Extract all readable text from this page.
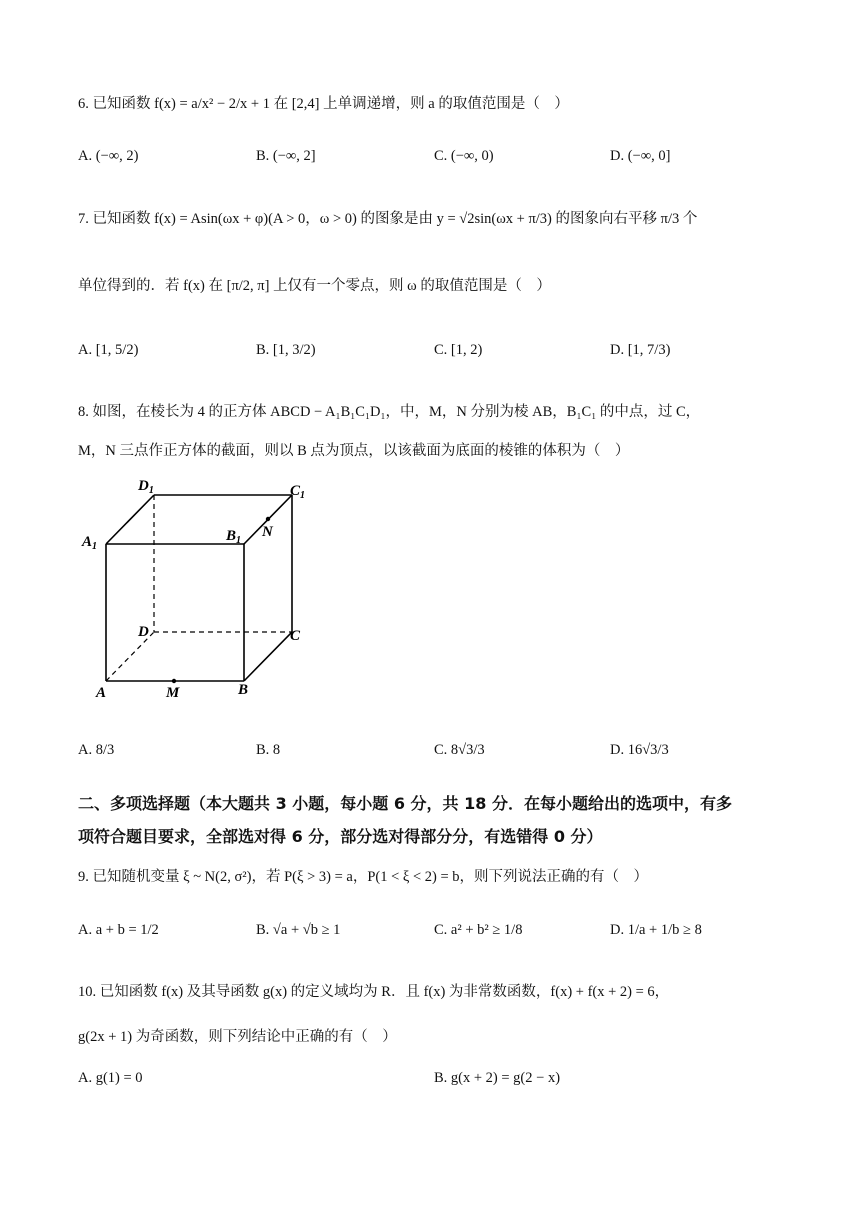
6. 已知函数 f(x) = a/x² − 2/x + 1 在 [2,4] 上单调递增，则 a 的取值范围是（　）
A. (−∞, 2)	B. (−∞, 2]	C. (−∞, 0)	D. (−∞, 0]
7. 已知函数 f(x) = Asin(ωx + φ)(A > 0，ω > 0) 的图象是由 y = √2sin(ωx + π/3) 的图象向右平移 π/3 个
单位得到的．若 f(x) 在 [π/2, π] 上仅有一个零点，则 ω 的取值范围是（　）
A. [1, 5/2)	B. [1, 3/2)	C. [1, 2)	D. [1, 7/3)
8. 如图，在棱长为 4 的正方体 ABCD − A₁B₁C₁D₁，中，M，N 分别为棱 AB，B₁C₁ 的中点，过 C，
M，N 三点作正方体的截面，则以 B 点为顶点，以该截面为底面的棱锥的体积为（　）
$D_1$	$C_1$
$A_1$
$B_1$
N
D	C
A	M	B
A. 8/3	B. 8	C. 8√3/3	D. 16√3/3
二、多项选择题（本大题共 3 小题，每小题 6 分，共 18 分．在每小题给出的选项中，有多
项符合题目要求，全部选对得 6 分，部分选对得部分分，有选错得 0 分）
9. 已知随机变量 ξ ~ N(2, σ²)，若 P(ξ > 3) = a，P(1 < ξ < 2) = b，则下列说法正确的有（　）
A. a + b = 1/2	B. √a + √b ≥ 1	C. a² + b² ≥ 1/8	D. 1/a + 1/b ≥ 8
10. 已知函数 f(x) 及其导函数 g(x) 的定义域均为 R．且 f(x) 为非常数函数，f(x) + f(x + 2) = 6，
g(2x + 1) 为奇函数，则下列结论中正确的有（　）
A. g(1) = 0	B. g(x + 2) = g(2 − x)
